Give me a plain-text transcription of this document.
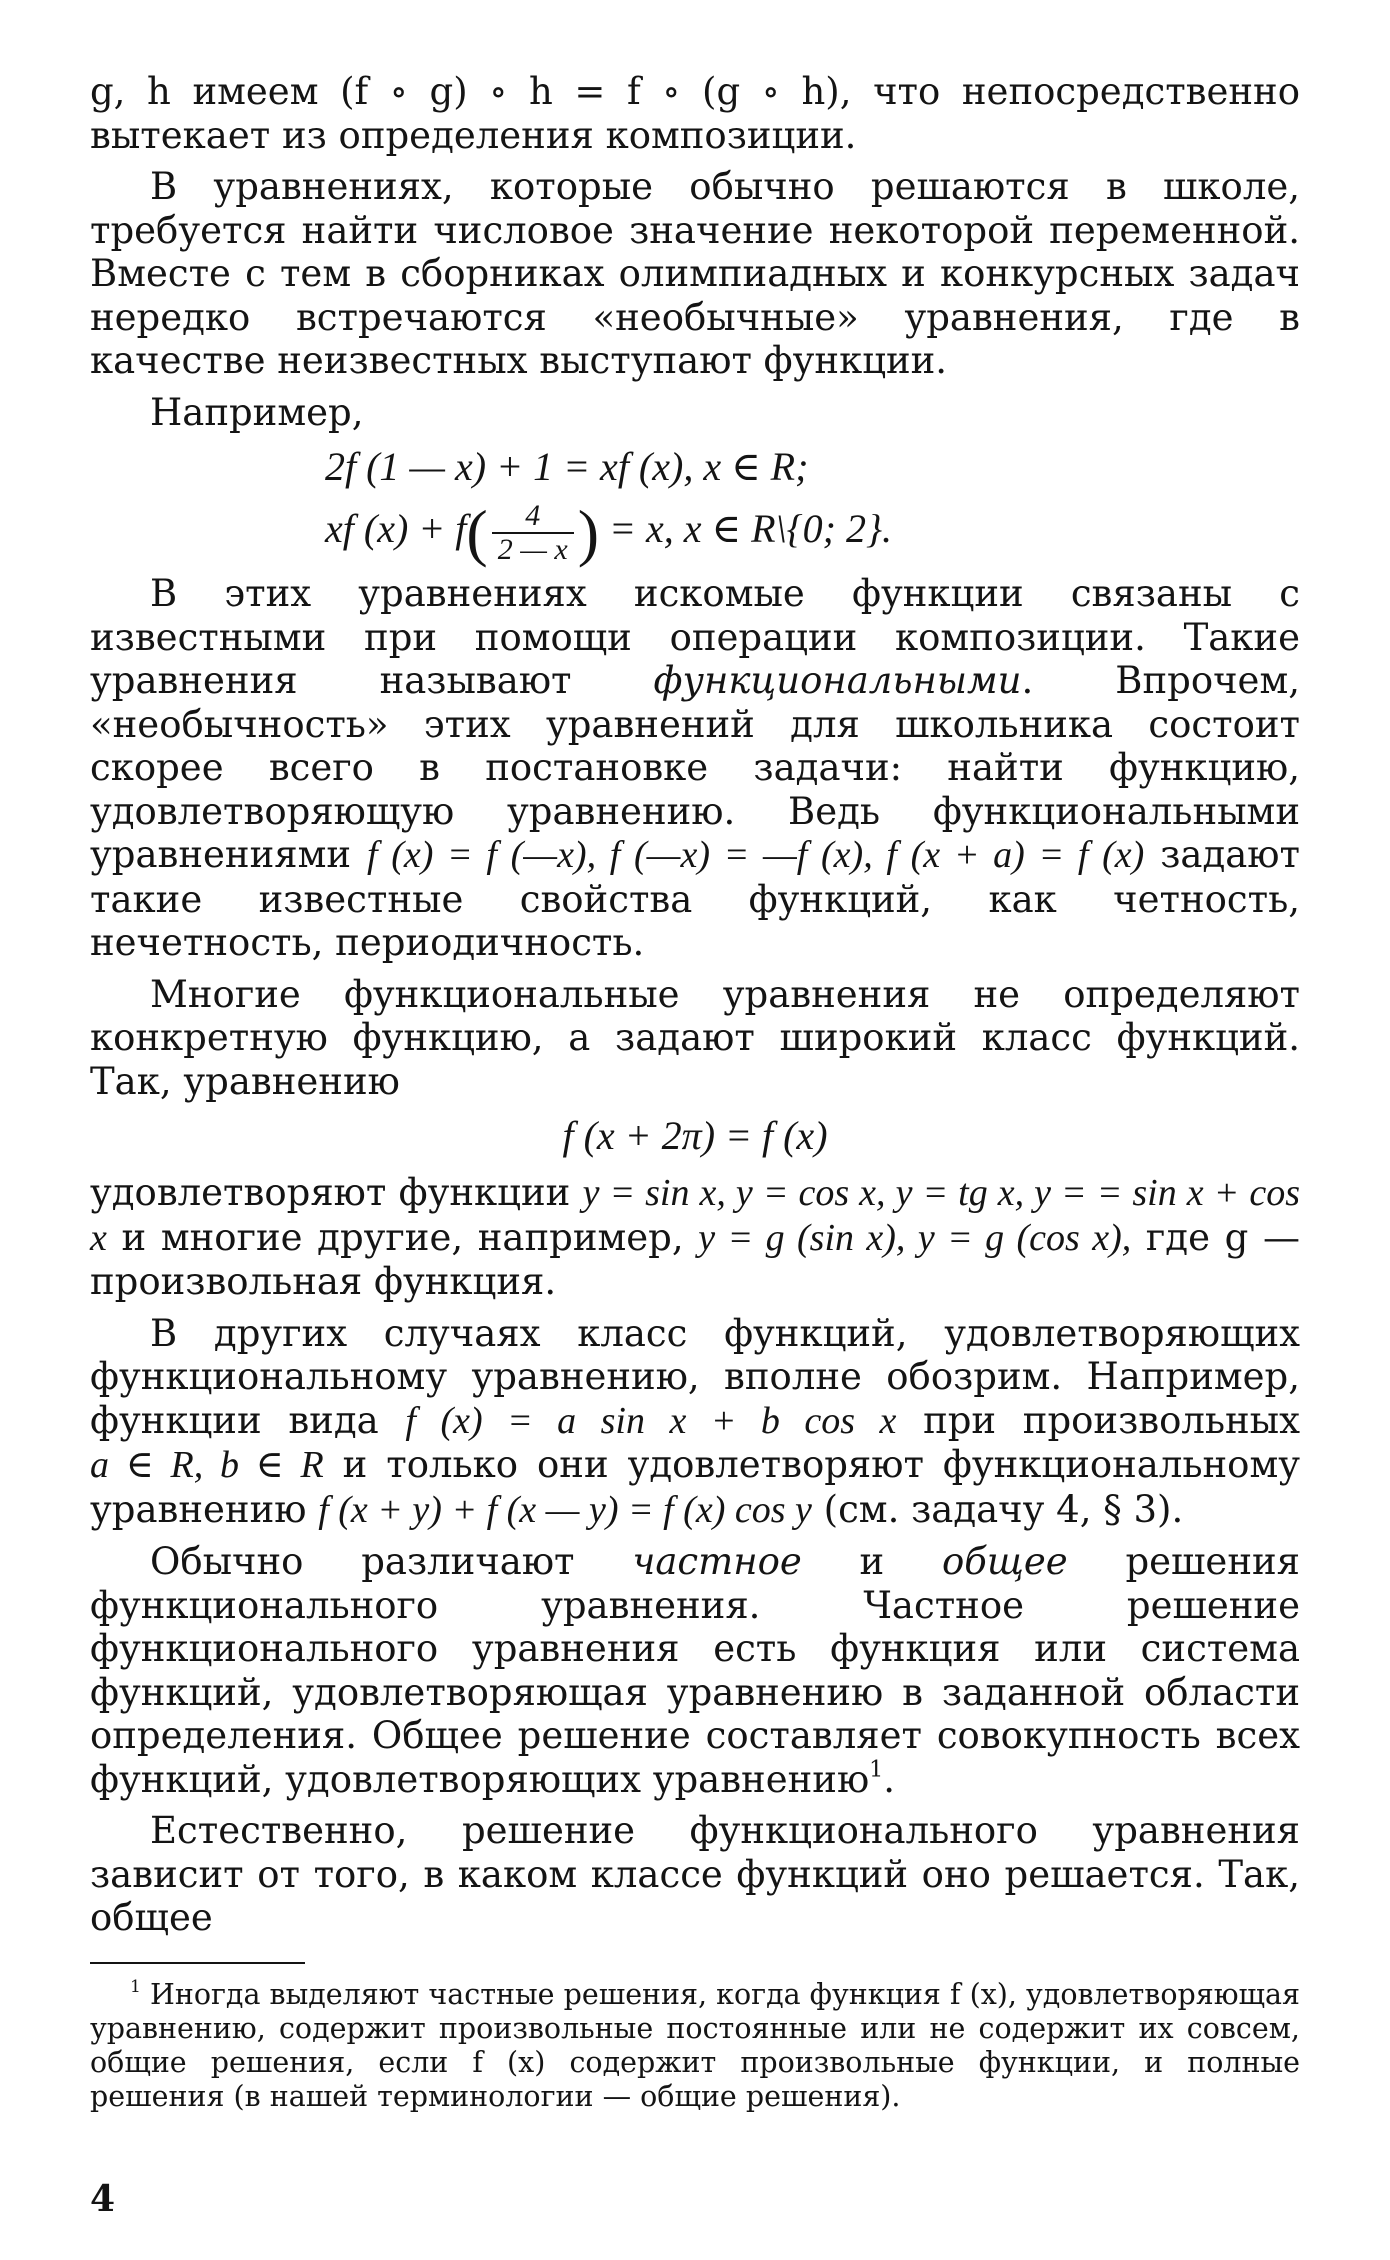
g, h имеем (f ∘ g) ∘ h = f ∘ (g ∘ h), что непосредственно вытекает из определения композиции.

В уравнениях, которые обычно решаются в школе, требуется найти числовое значение некоторой переменной. Вместе с тем в сборниках олимпиадных и конкурсных задач нередко встречаются «необычные» уравнения, где в качестве неизвестных выступают функции.

Например,

2f (1 — x) + 1 = xf (x), x ∈ R;
xf $(x) + f( \frac{4}{2 — x}$ ) = x, x ∈ R\{0; 2}.

В этих уравнениях искомые функции связаны с известными при помощи операции композиции. Такие уравнения называют функциональными. Впрочем, «необычность» этих уравнений для школьника состоит скорее всего в постановке задачи: найти функцию, удовлетворяющую уравнению. Ведь функциональными уравнениями f (x) = f (—x), f (—x) = —f (x), f (x + a) = f (x) задают такие известные свойства функций, как четность, нечетность, периодичность.

Многие функциональные уравнения не определяют конкретную функцию, а задают широкий класс функций. Так, уравнению

f (x + 2π) = f (x)

удовлетворяют функции y = sin x, y = cos x, y = tg x, y = = sin x + cos x и многие другие, например, y = g (sin x), y = g (cos x), где g — произвольная функция.

В других случаях класс функций, удовлетворяющих функциональному уравнению, вполне обозрим. Например, функции вида f (x) = a sin x + b cos x при произвольных a ∈ R, b ∈ R и только они удовлетворяют функциональному уравнению f (x + y) + f (x — y) = f (x) cos y (см. задачу 4, § 3).

Обычно различают частное и общее решения функционального уравнения. Частное решение функционального уравнения есть функция или система функций, удовлетворяющая уравнению в заданной области определения. Общее решение составляет совокупность всех функций, удовлетворяющих уравнению$^1$.

Естественно, решение функционального уравнения зависит от того, в каком классе функций оно решается. Так, общее

$^1$ Иногда выделяют частные решения, когда функция f (x), удовлетворяющая уравнению, содержит произвольные постоянные или не содержит их совсем, общие решения, если f (x) содержит произвольные функции, и полные решения (в нашей терминологии — общие решения).

4
